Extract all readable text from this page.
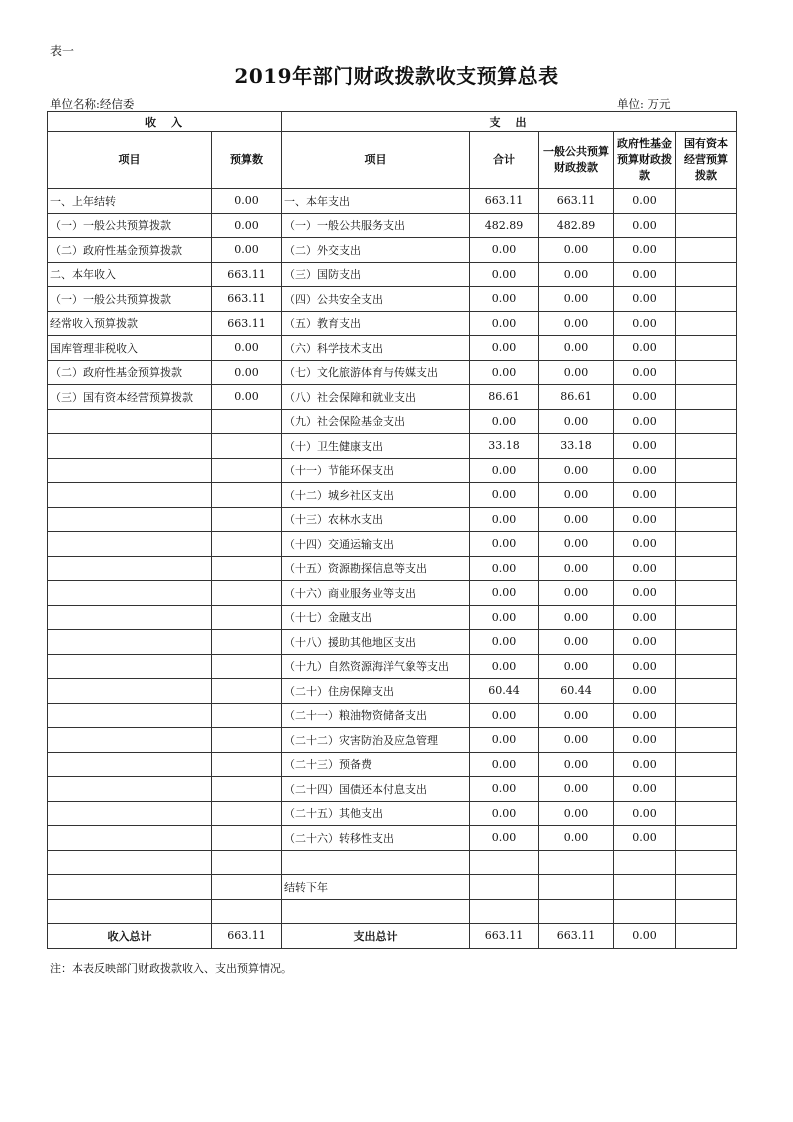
表一
2019年部门财政拨款收支预算总表
单位名称:经信委	单位: 万元
收　入		支　出				
项目	预算数	项目	合计	一般公共预算财政拨款	政府性基金预算财政拨款	国有资本经营预算拨款
一、上年结转	0.00	一、本年支出	663.11	663.11	0.00	
（一）一般公共预算拨款	0.00	（一）一般公共服务支出	482.89	482.89	0.00	
（二）政府性基金预算拨款	0.00	（二）外交支出	0.00	0.00	0.00	
二、本年收入	663.11	（三）国防支出	0.00	0.00	0.00	
（一）一般公共预算拨款	663.11	（四）公共安全支出	0.00	0.00	0.00	
经常收入预算拨款	663.11	（五）教育支出	0.00	0.00	0.00	
国库管理非税收入	0.00	（六）科学技术支出	0.00	0.00	0.00	
（二）政府性基金预算拨款	0.00	（七）文化旅游体育与传媒支出	0.00	0.00	0.00	
（三）国有资本经营预算拨款	0.00	（八）社会保障和就业支出	86.61	86.61	0.00	
		（九）社会保险基金支出	0.00	0.00	0.00	
		（十）卫生健康支出	33.18	33.18	0.00	
		（十一）节能环保支出	0.00	0.00	0.00	
		（十二）城乡社区支出	0.00	0.00	0.00	
		（十三）农林水支出	0.00	0.00	0.00	
		（十四）交通运输支出	0.00	0.00	0.00	
		（十五）资源勘探信息等支出	0.00	0.00	0.00	
		（十六）商业服务业等支出	0.00	0.00	0.00	
		（十七）金融支出	0.00	0.00	0.00	
		（十八）援助其他地区支出	0.00	0.00	0.00	
		（十九）自然资源海洋气象等支出	0.00	0.00	0.00	
		（二十）住房保障支出	60.44	60.44	0.00	
		（二十一）粮油物资储备支出	0.00	0.00	0.00	
		（二十二）灾害防治及应急管理	0.00	0.00	0.00	
		（二十三）预备费	0.00	0.00	0.00	
		（二十四）国债还本付息支出	0.00	0.00	0.00	
		（二十五）其他支出	0.00	0.00	0.00	
		（二十六）转移性支出	0.00	0.00	0.00	

		结转下年				

收入总计	663.11	支出总计	663.11	663.11	0.00	
注：本表反映部门财政拨款收入、支出预算情况。
